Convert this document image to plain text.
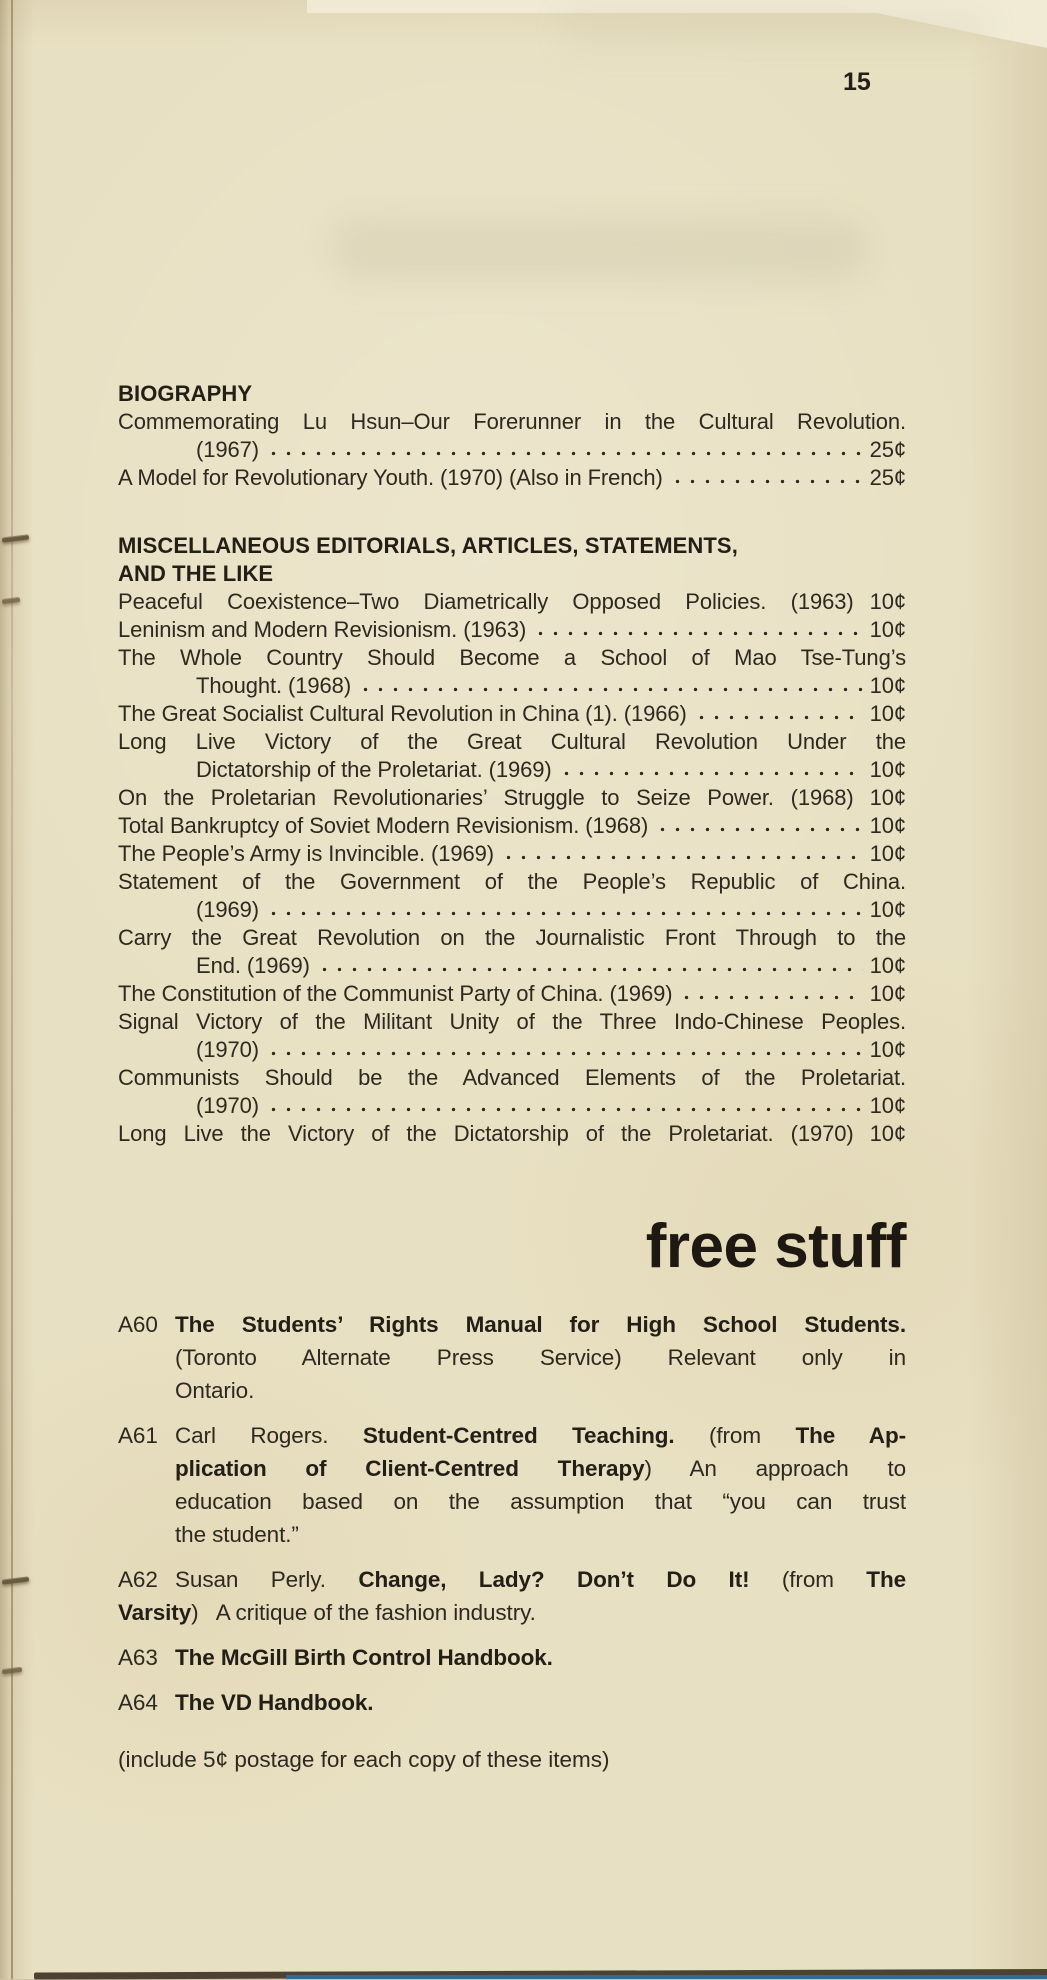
15
BIOGRAPHY
Commemorating Lu Hsun–Our Forerunner in the Cultural Revolution.
(1967)	25¢
A Model for Revolutionary Youth. (1970) (Also in French)	25¢
MISCELLANEOUS EDITORIALS, ARTICLES, STATEMENTS,
AND THE LIKE
Peaceful Coexistence–Two Diametrically Opposed Policies. (1963) 10¢
Leninism and Modern Revisionism. (1963)	10¢
The Whole Country Should Become a School of Mao Tse-Tung’s
Thought. (1968)	10¢
The Great Socialist Cultural Revolution in China (1). (1966)	10¢
Long Live Victory of the Great Cultural Revolution Under the
Dictatorship of the Proletariat. (1969)	10¢
On the Proletarian Revolutionaries’ Struggle to Seize Power. (1968) 10¢
Total Bankruptcy of Soviet Modern Revisionism. (1968)	10¢
The People’s Army is Invincible. (1969)	10¢
Statement of the Government of the People’s Republic of China.
(1969)	10¢
Carry the Great Revolution on the Journalistic Front Through to the
End. (1969)	10¢
The Constitution of the Communist Party of China. (1969)	10¢
Signal Victory of the Militant Unity of the Three Indo-Chinese Peoples.
(1970)	10¢
Communists Should be the Advanced Elements of the Proletariat.
(1970)	10¢
Long Live the Victory of the Dictatorship of the Proletariat. (1970) 10¢
free stuff
A60 The Students’ Rights Manual for High School Students.
(Toronto Alternate Press Service) Relevant only in
Ontario.
A61 Carl Rogers. Student-Centred Teaching. (from The Ap-
plication of Client-Centred Therapy) An approach to
education based on the assumption that “you can trust
the student.”
A62 Susan Perly. Change, Lady? Don’t Do It! (from The
Varsity)   A critique of the fashion industry.
A63 The McGill Birth Control Handbook.
A64 The VD Handbook.
(include 5¢ postage for each copy of these items)
